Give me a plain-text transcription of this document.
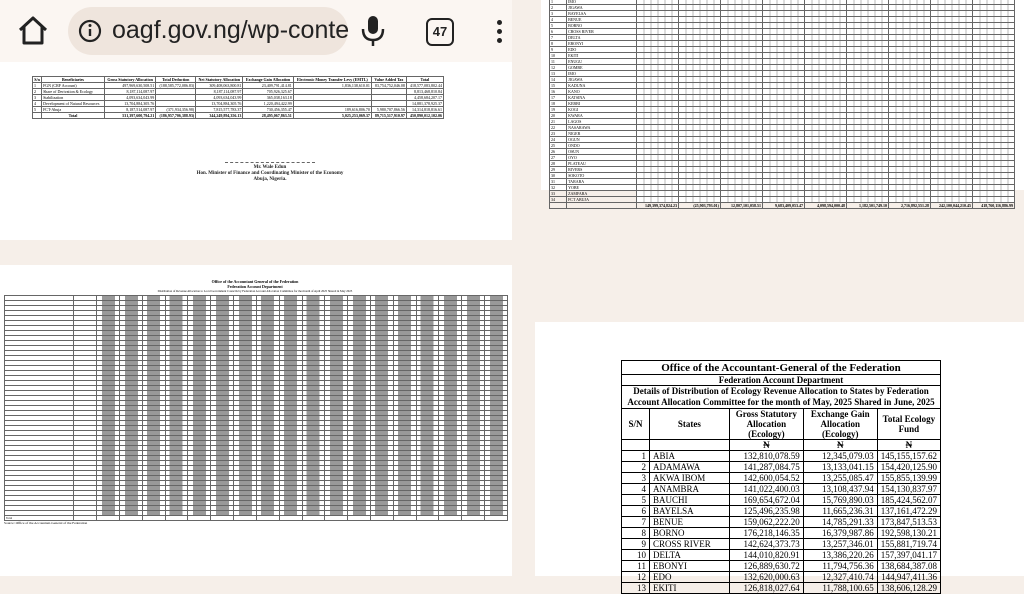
oagf.gov.ng/wp-conte	47
S/n	Beneficiaries	Gross Statutory Allocation	Total Deduction	Net Statutory Allocation	Exchange Gain Allocation	Electronic Money Transfer Levy (EMTL)	Value Added Tax	Total
1	FGN (CRF Account)	497,969,630,508.51	(188,585,772,086.83)	309,408,063,800.81	23,409,791,414.81	1,836,138,610.01	83,754,752,046.08	418,577,083,802.44
2	Share of Derivation & Ecology	8,187,114,087.97		8,187,114,087.97	705,926,325.67			8,813,468,810.84
3	Stabilization	4,093,634,043.99		4,093,634,043.99	365,038,163.18			4,458,684,207.17
4	Development of Natural Resources	13,704,884,305.76		13,704,884,305.76	1,220,494,422.99			14,881,378,925.37
5	FCT-Abuja	8,187,514,087.97	(371,934,356.98)	7,815,577,783.37	730,456,355.47	189,616,806.70	5,980,707,866.56	14,314,818,816.61
	Total	531,397,600,794.21	(186,957,706,388.93)	344,249,894,356.13	28,495,067,863.51	5,025,253,069.37	89,715,517,910.97	450,890,012,102.06
Mr. Wale Edun
Hon. Minister of Finance and Coordinating Minister of the Economy
Abuja, Nigeria.
1	IMO									
2	JIGAWA									
3	BAYELSA									
4	BENUE									
5	BORNO									
6	CROSS RIVER									
7	DELTA									
8	EBONYI									
9	EDO									
10	EKITI									
11	ENUGU									
12	GOMBE									
13	IMO									
14	JIGAWA									
15	KADUNA									
16	KANO									
17	KATSINA									
18	KEBBI									
19	KOGI									
20	KWARA									
21	LAGOS									
22	NASARAWA									
23	NIGER									
24	OGUN									
25	ONDO									
26	OSUN									
27	OYO									
28	PLATEAU									
29	RIVERS									
30	SOKOTO									
31	TARABA									
32	YOBE									
33	ZAMFARA									
34	FCT ABUJA									
		149,399,374,824.23	(25,903,793.01)	12,807,101,058.51	9,683,409,053.47	4,098,594,000.48	1,182,501,749.10	2,716,892,551.28	242,100,044,210.45	418,760,116,886.99
Office of the Accountant General of the Federation
Federation Account Department
Distribution of Revenue Allocation to Local Government Councils by Federation Account Allocation Committee for the month of April 2025 Shared in May 2025

Total																			
Source: Office of the Accountant-General of the Federation
Office of the Accountant-General of the Federation				
Federation Account Department				
Details of Distribution of Ecology Revenue Allocation to States by Federation Account Allocation Committee for the month of May, 2025 Shared in June, 2025				
S/N	States	Gross Statutory Allocation (Ecology)	Exchange Gain Allocation (Ecology)	Total Ecology Fund
		₦	₦	₦
1	ABIA	132,810,078.59	12,345,079.03	145,155,157.62
2	ADAMAWA	141,287,084.75	13,133,041.15	154,420,125.90
3	AKWA IBOM	142,600,054.52	13,255,085.47	155,855,139.99
4	ANAMBRA	141,022,400.03	13,108,437.94	154,130,837.97
5	BAUCHI	169,654,672.04	15,769,890.03	185,424,562.07
6	BAYELSA	125,496,235.98	11,665,236.31	137,161,472.29
7	BENUE	159,062,222.20	14,785,291.33	173,847,513.53
8	BORNO	176,218,146.35	16,379,987.86	192,598,130.21
9	CROSS RIVER	142,624,373.73	13,257,346.01	155,881,719.74
10	DELTA	144,010,820.91	13,386,220.26	157,397,041.17
11	EBONYI	126,889,630.72	11,794,756.36	138,684,387.08
12	EDO	132,620,000.63	12,327,410.74	144,947,411.36
13	EKITI	126,818,027.64	11,788,100.65	138,606,128.29
